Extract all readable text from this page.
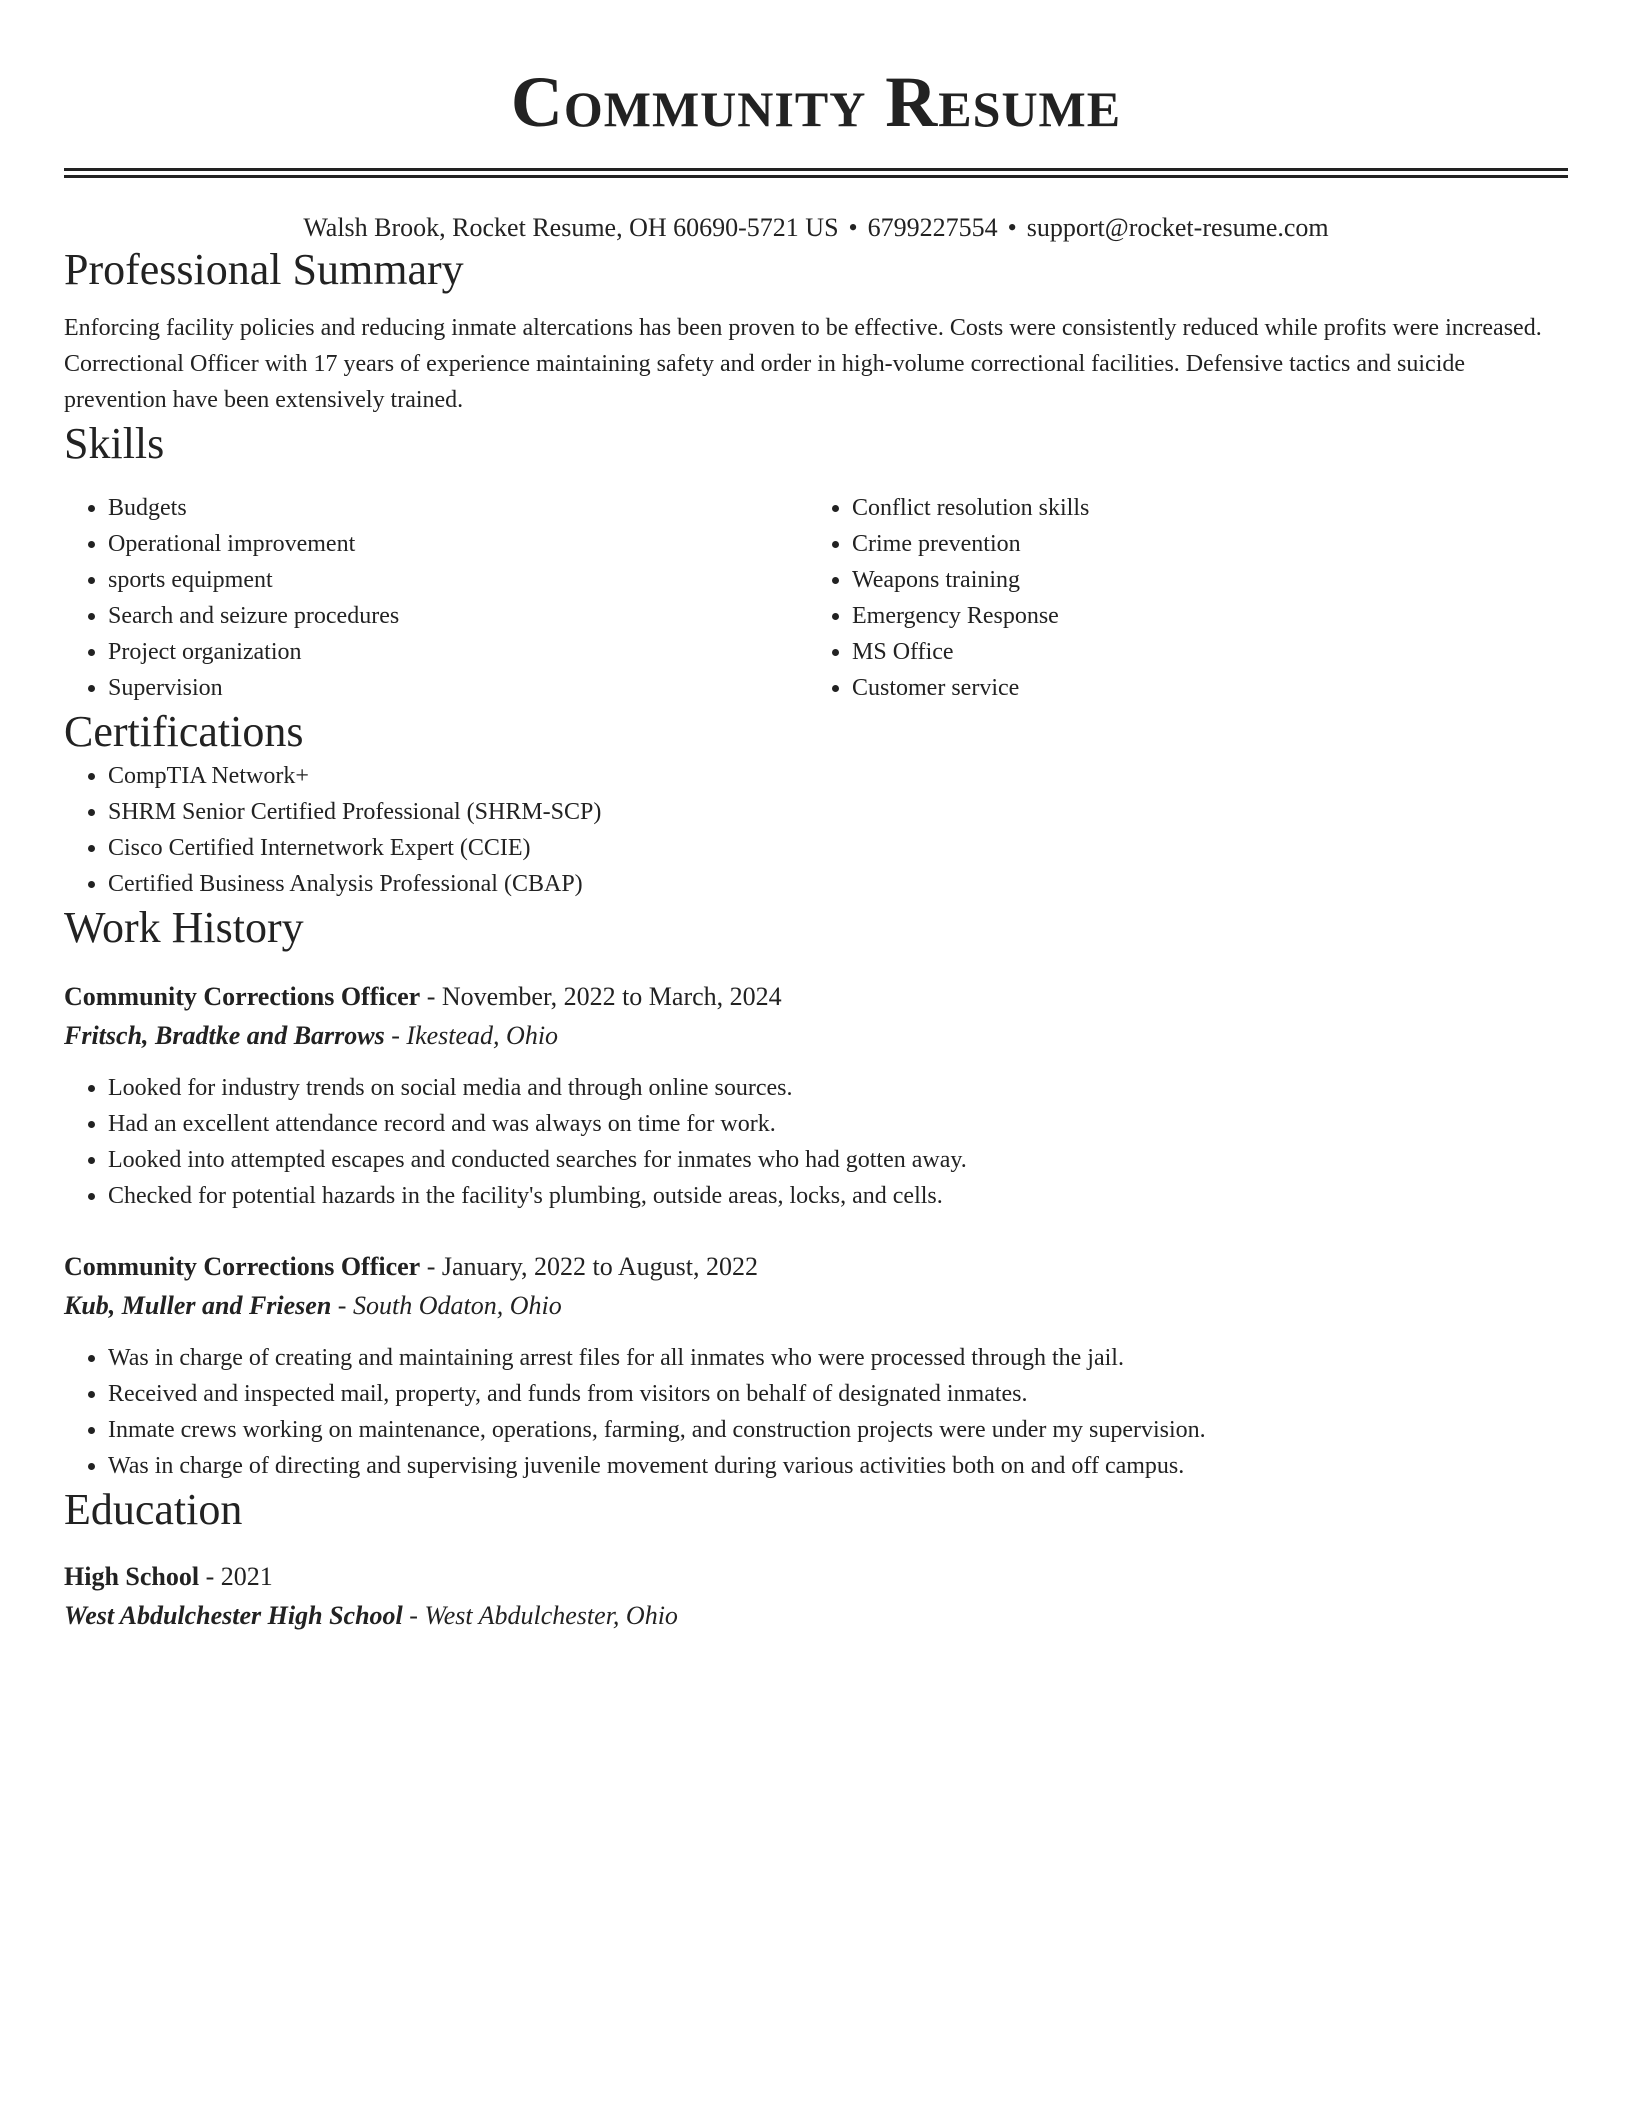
Community Resume
Walsh Brook, Rocket Resume, OH 60690-5721 US • 6799227554 • support@rocket-resume.com
Professional Summary

Enforcing facility policies and reducing inmate altercations has been proven to be effective. Costs were consistently reduced while profits were increased. Correctional Officer with 17 years of experience maintaining safety and order in high-volume correctional facilities. Defensive tactics and suicide prevention have been extensively trained.

Skills
• Budgets
• Operational improvement
• sports equipment
• Search and seizure procedures
• Project organization
• Supervision
• Conflict resolution skills
• Crime prevention
• Weapons training
• Emergency Response
• MS Office
• Customer service
Certifications
• CompTIA Network+
• SHRM Senior Certified Professional (SHRM-SCP)
• Cisco Certified Internetwork Expert (CCIE)
• Certified Business Analysis Professional (CBAP)
Work History
Community Corrections Officer - November, 2022 to March, 2024
Fritsch, Bradtke and Barrows - Ikestead, Ohio
• Looked for industry trends on social media and through online sources.
• Had an excellent attendance record and was always on time for work.
• Looked into attempted escapes and conducted searches for inmates who had gotten away.
• Checked for potential hazards in the facility's plumbing, outside areas, locks, and cells.
Community Corrections Officer - January, 2022 to August, 2022
Kub, Muller and Friesen - South Odaton, Ohio
• Was in charge of creating and maintaining arrest files for all inmates who were processed through the jail.
• Received and inspected mail, property, and funds from visitors on behalf of designated inmates.
• Inmate crews working on maintenance, operations, farming, and construction projects were under my supervision.
• Was in charge of directing and supervising juvenile movement during various activities both on and off campus.
Education
High School - 2021
West Abdulchester High School - West Abdulchester, Ohio
